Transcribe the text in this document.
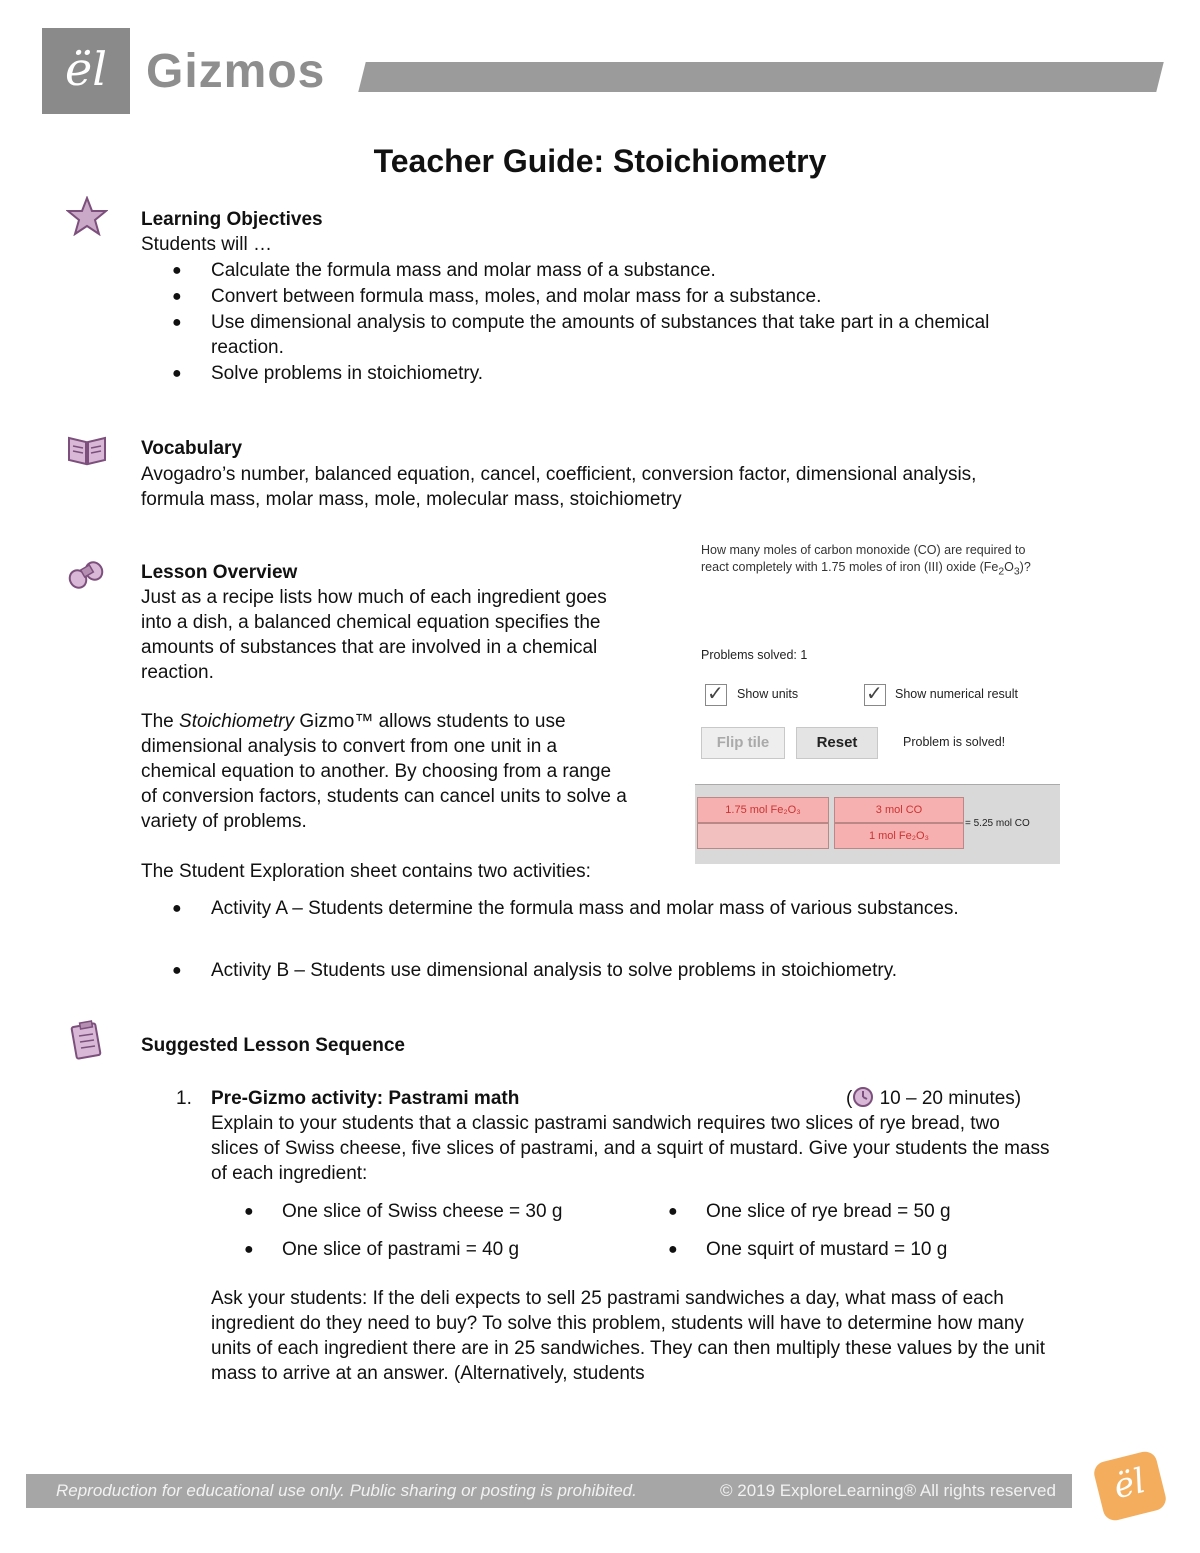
ël Gizmos
Teacher Guide: Stoichiometry
Learning Objectives
Students will …
● Calculate the formula mass and molar mass of a substance.
● Convert between formula mass, moles, and molar mass for a substance.
● Use dimensional analysis to compute the amounts of substances that take part in a chemical reaction.
● Solve problems in stoichiometry.
Vocabulary
Avogadro’s number, balanced equation, cancel, coefficient, conversion factor, dimensional analysis, formula mass, molar mass, mole, molecular mass, stoichiometry
Lesson Overview
Just as a recipe lists how much of each ingredient goes into a dish, a balanced chemical equation specifies the amounts of substances that are involved in a chemical reaction.
The Stoichiometry Gizmo™ allows students to use dimensional analysis to convert from one unit in a chemical equation to another. By choosing from a range of conversion factors, students can cancel units to solve a variety of problems.
The Student Exploration sheet contains two activities:
● Activity A – Students determine the formula mass and molar mass of various substances.
● Activity B – Students use dimensional analysis to solve problems in stoichiometry.
How many moles of carbon monoxide (CO) are required to react completely with 1.75 moles of iron (III) oxide $(Fe_2O_3)$?
Problems solved: 1
✓ Show units	✓ Show numerical result
Flip tile	Reset	Problem is solved!
1.75 mol Fe₂O₃	3 mol CO
1 mol Fe₂O₃
= 5.25 mol CO
Suggested Lesson Sequence
1. Pre-Gizmo activity: Pastrami math	( 10 – 20 minutes)
Explain to your students that a classic pastrami sandwich requires two slices of rye bread, two slices of Swiss cheese, five slices of pastrami, and a squirt of mustard. Give your students the mass of each ingredient:
● One slice of Swiss cheese = 30 g	● One slice of rye bread = 50 g
● One slice of pastrami = 40 g	● One squirt of mustard = 10 g
Ask your students: If the deli expects to sell 25 pastrami sandwiches a day, what mass of each ingredient do they need to buy? To solve this problem, students will have to determine how many units of each ingredient there are in 25 sandwiches. They can then multiply these values by the unit mass to arrive at an answer. (Alternatively, students
Reproduction for educational use only. Public sharing or posting is prohibited.	© 2019 ExploreLearning® All rights reserved	ël
